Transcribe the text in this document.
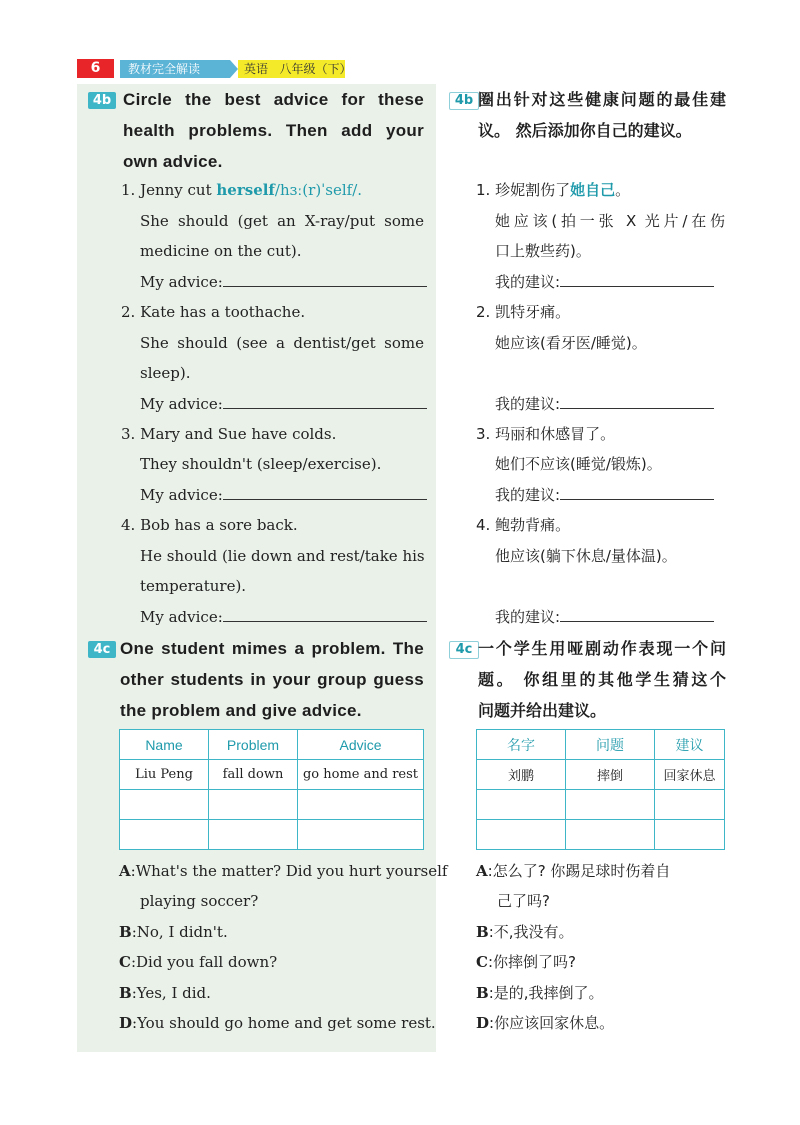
6	教材完全解读	英语   八年级（下）
4b Circle the best advice for these
health problems. Then add your
own advice.
1. Jenny cut herself/hɜː(r)ˈself/.
She should (get an X-ray/put some
medicine on the cut).
My advice:
2. Kate has a toothache.
She should (see a dentist/get some
sleep).
My advice:
3. Mary and Sue have colds.
They shouldn't (sleep/exercise).
My advice:
4. Bob has a sore back.
He should (lie down and rest/take his
temperature).
My advice:
4b 圈出针对这些健康问题的最佳建
议。 然后添加你自己的建议。
1. 珍妮割伤了她自己。
她应该(拍一张 X 光片/在伤
口上敷些药)。
我的建议:
2. 凯特牙痛。
她应该(看牙医/睡觉)。
我的建议:
3. 玛丽和休感冒了。
她们不应该(睡觉/锻炼)。
我的建议:
4. 鲍勃背痛。
他应该(躺下休息/量体温)。
我的建议:
4c One student mimes a problem. The
other students in your group guess
the problem and give advice.
Name	Problem	Advice
Liu Peng	fall down	go home and rest

A:What's the matter? Did you hurt yourself
playing soccer?
B:No, I didn't.
C:Did you fall down?
B:Yes, I did.
D:You should go home and get some rest.
4c 一个学生用哑剧动作表现一个问
题。 你组里的其他学生猜这个
问题并给出建议。
名字	问题	建议
刘鹏	摔倒	回家休息

A:怎么了? 你踢足球时伤着自
己了吗?
B:不,我没有。
C:你摔倒了吗?
B:是的,我摔倒了。
D:你应该回家休息。
